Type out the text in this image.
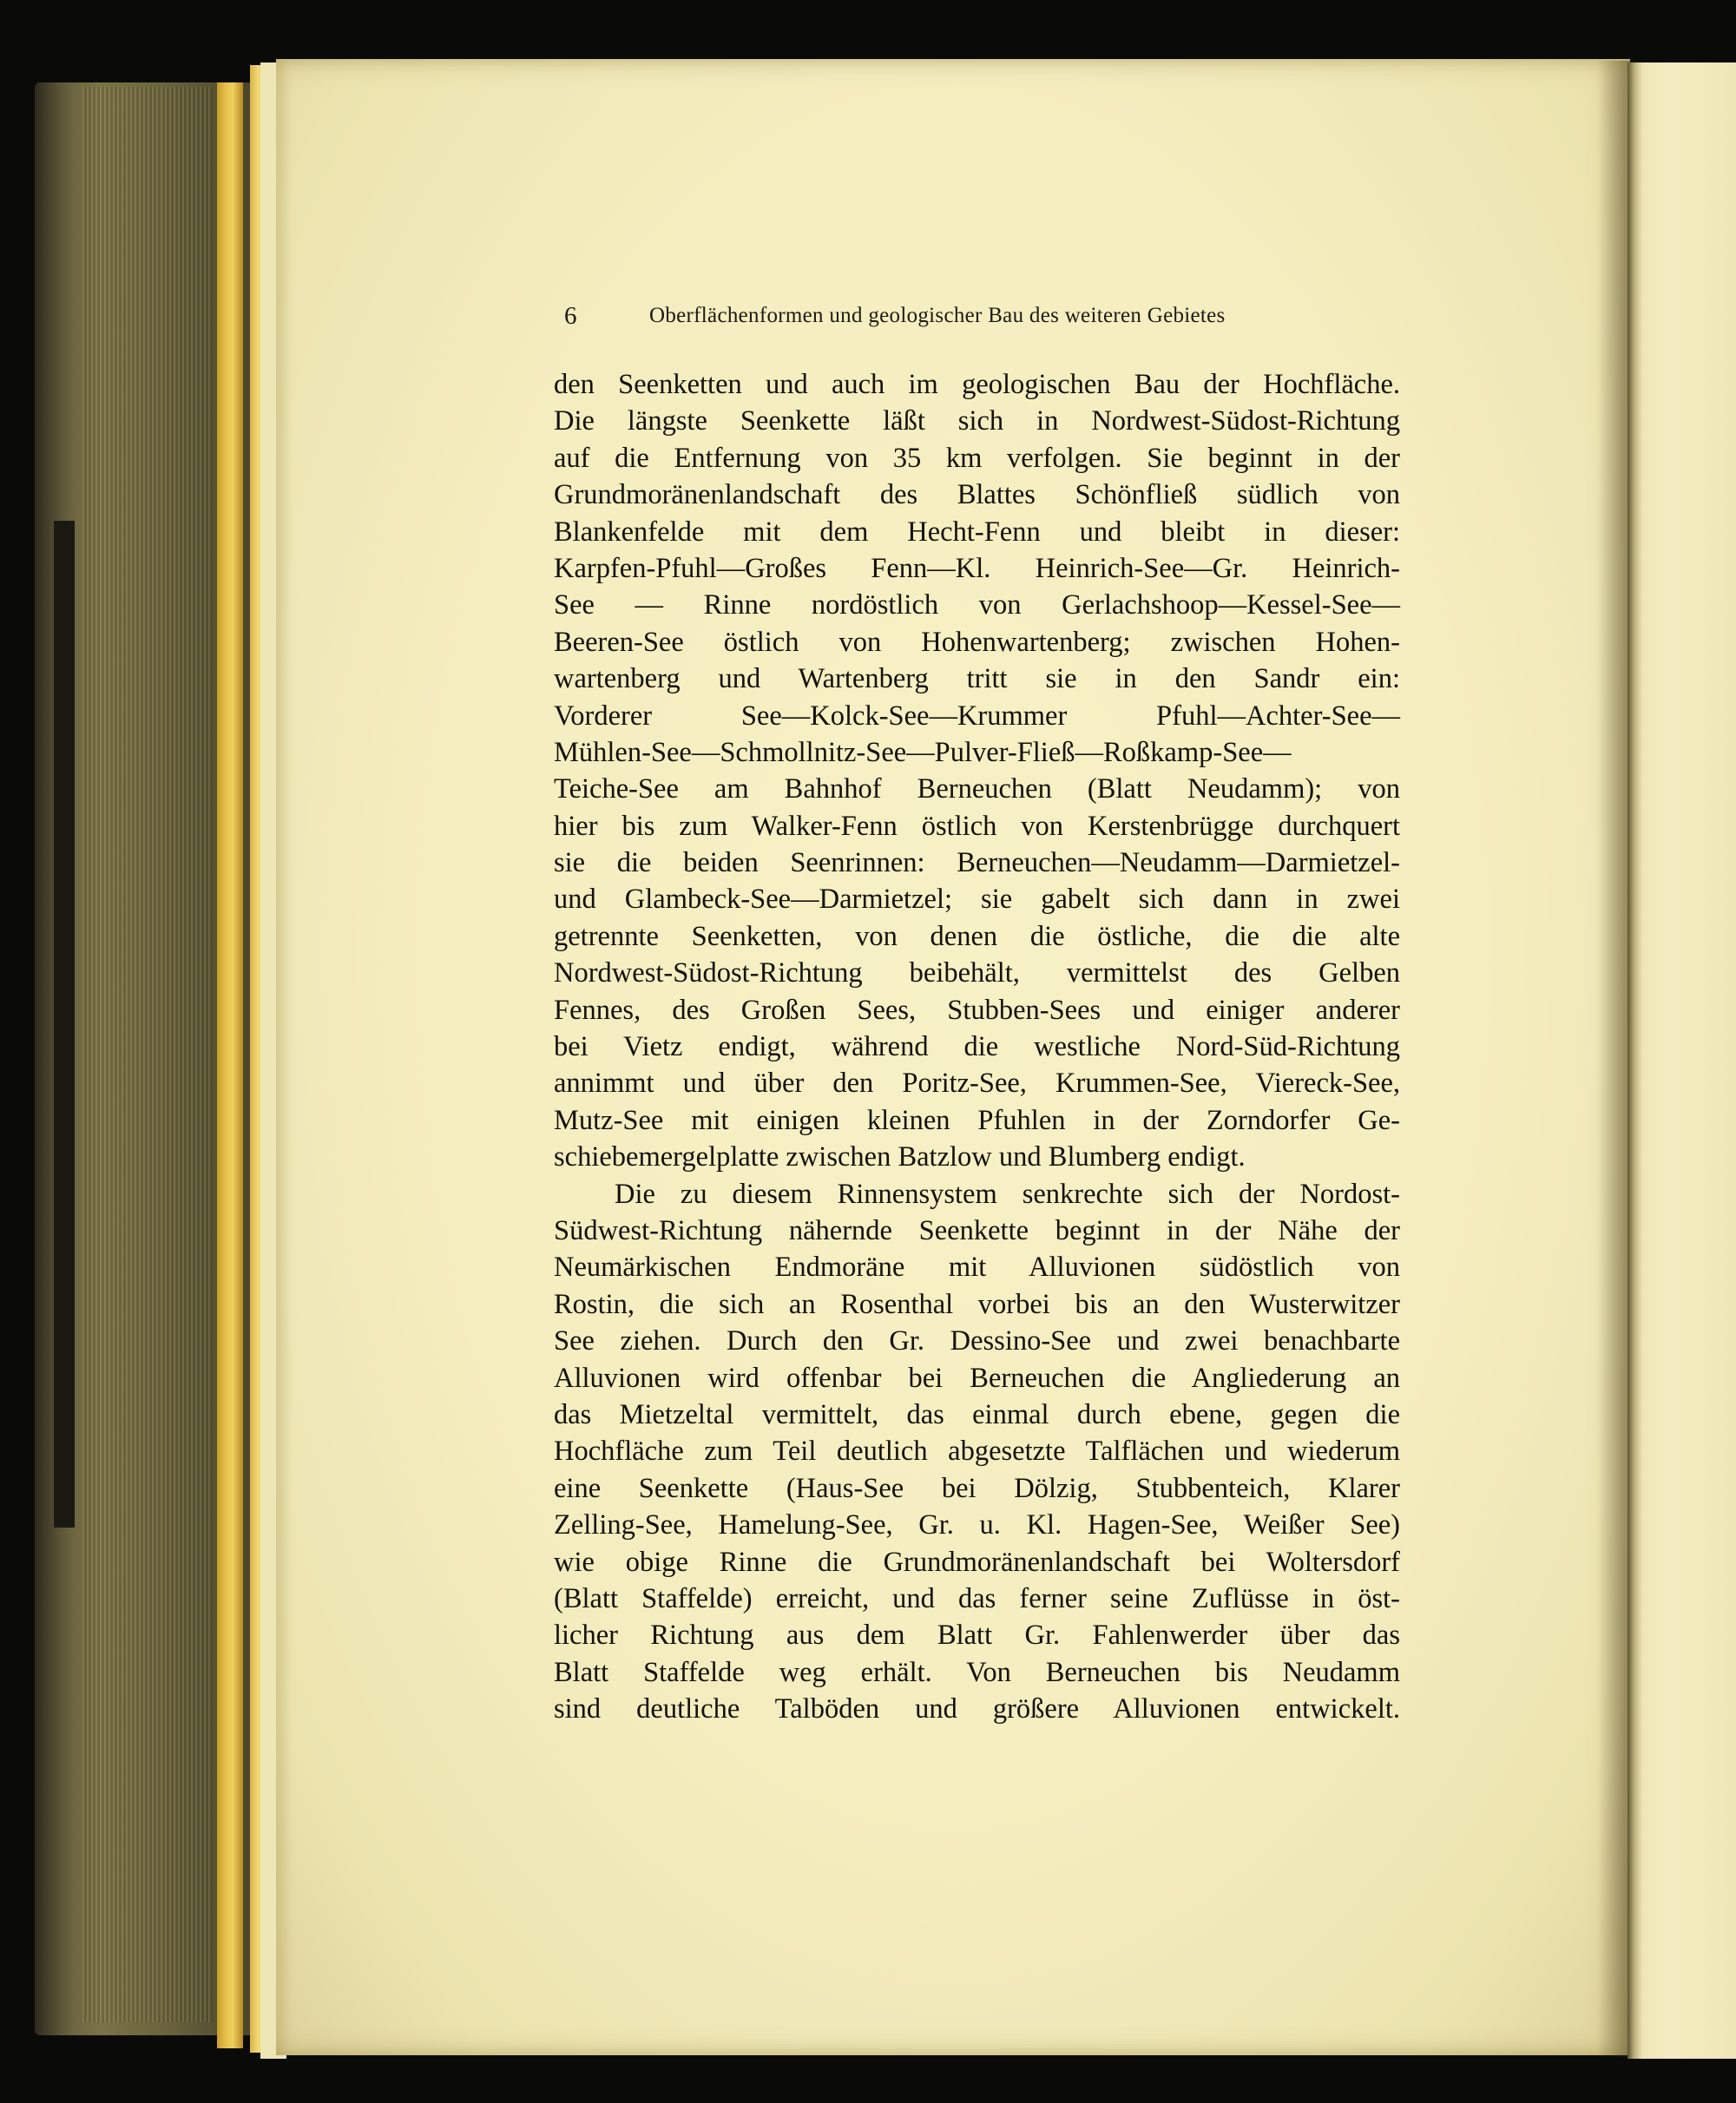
6	Oberflächenformen und geologischer Bau des weiteren Gebietes
den Seenketten und auch im geologischen Bau der Hochfläche.
Die längste Seenkette läßt sich in Nordwest-Südost-Richtung
auf die Entfernung von 35 km verfolgen. Sie beginnt in der
Grundmoränenlandschaft des Blattes Schönfließ südlich von
Blankenfelde mit dem Hecht-Fenn und bleibt in dieser:
Karpfen-Pfuhl—Großes Fenn—Kl. Heinrich-See—Gr. Heinrich-
See — Rinne nordöstlich von Gerlachshoop—Kessel-See—
Beeren-See östlich von Hohenwartenberg; zwischen Hohen-
wartenberg und Wartenberg tritt sie in den Sandr ein:
Vorderer See—Kolck-See—Krummer Pfuhl—Achter-See—
Mühlen-See—Schmollnitz-See—Pulver-Fließ—Roßkamp-See—
Teiche-See am Bahnhof Berneuchen (Blatt Neudamm); von
hier bis zum Walker-Fenn östlich von Kerstenbrügge durchquert
sie die beiden Seenrinnen: Berneuchen—Neudamm—Darmietzel-
und Glambeck-See—Darmietzel; sie gabelt sich dann in zwei
getrennte Seenketten, von denen die östliche, die die alte
Nordwest-Südost-Richtung beibehält, vermittelst des Gelben
Fennes, des Großen Sees, Stubben-Sees und einiger anderer
bei Vietz endigt, während die westliche Nord-Süd-Richtung
annimmt und über den Poritz-See, Krummen-See, Viereck-See,
Mutz-See mit einigen kleinen Pfuhlen in der Zorndorfer Ge-
schiebemergelplatte zwischen Batzlow und Blumberg endigt.
Die zu diesem Rinnensystem senkrechte sich der Nordost-
Südwest-Richtung nähernde Seenkette beginnt in der Nähe der
Neumärkischen Endmoräne mit Alluvionen südöstlich von
Rostin, die sich an Rosenthal vorbei bis an den Wusterwitzer
See ziehen. Durch den Gr. Dessino-See und zwei benachbarte
Alluvionen wird offenbar bei Berneuchen die Angliederung an
das Mietzeltal vermittelt, das einmal durch ebene, gegen die
Hochfläche zum Teil deutlich abgesetzte Talflächen und wiederum
eine Seenkette (Haus-See bei Dölzig, Stubbenteich, Klarer
Zelling-See, Hamelung-See, Gr. u. Kl. Hagen-See, Weißer See)
wie obige Rinne die Grundmoränenlandschaft bei Woltersdorf
(Blatt Staffelde) erreicht, und das ferner seine Zuflüsse in öst-
licher Richtung aus dem Blatt Gr. Fahlenwerder über das
Blatt Staffelde weg erhält. Von Berneuchen bis Neudamm
sind deutliche Talböden und größere Alluvionen entwickelt.
